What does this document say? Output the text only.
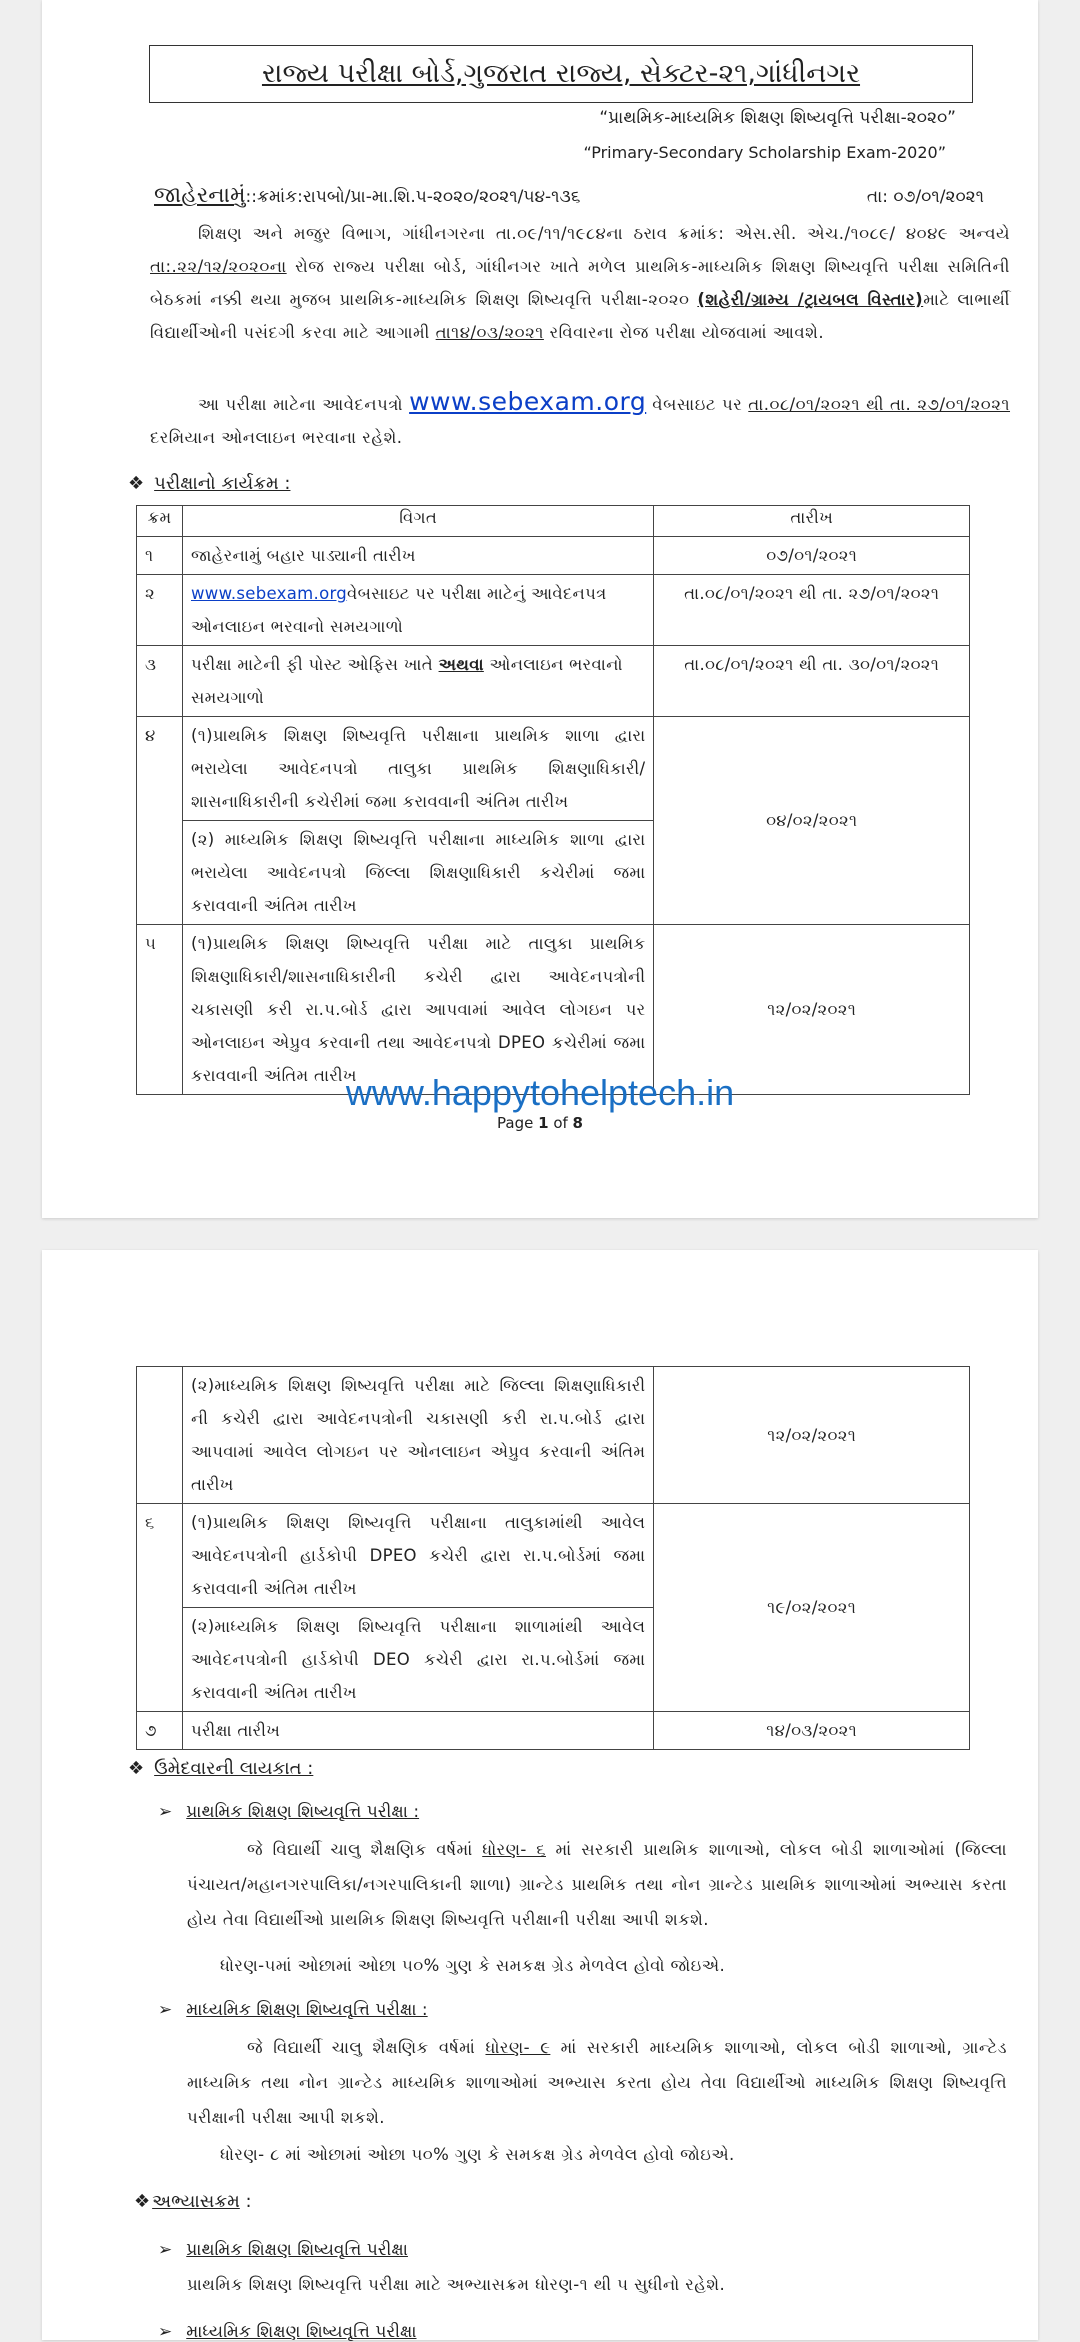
રાજ્ય પરીક્ષા બોર્ડ,ગુજરાત રાજ્ય, સેક્ટર-૨૧,ગાંધીનગર
“પ્રાથમિક-માધ્યમિક શિક્ષણ શિષ્યવૃત્તિ પરીક્ષા-૨૦૨૦”
“Primary-Secondary Scholarship Exam-2020”
જાહેરનામું::ક્રમાંક:રાપબો/પ્રા-મા.શિ.પ-૨૦૨૦/૨૦૨૧/૫૪-૧૩૬	તા: ૦૭/૦૧/૨૦૨૧
શિક્ષણ અને મજુર વિભાગ, ગાંધીનગરના તા.૦૯/૧૧/૧૯૮૪ના ઠરાવ ક્રમાંક: એસ.સી. એચ./૧૦૮૯/ ૪૦૪૯ અન્વયે તા:.૨૨/૧૨/૨૦૨૦ના રોજ રાજ્ય પરીક્ષા બોર્ડ, ગાંધીનગર ખાતે મળેલ પ્રાથમિક-માધ્યમિક શિક્ષણ શિષ્યવૃત્તિ પરીક્ષા સમિતિની બેઠકમાં નક્કી થયા મુજબ પ્રાથમિક-માધ્યમિક શિક્ષણ શિષ્યવૃત્તિ પરીક્ષા-૨૦૨૦ (શહેરી/ગ્રામ્ય /ટ્રાયબલ વિસ્તાર)માટે લાભાર્થી વિદ્યાર્થીઓની પસંદગી કરવા માટે આગામી તા૧૪/૦૩/૨૦૨૧ રવિવારના રોજ પરીક્ષા યોજવામાં આવશે.
આ પરીક્ષા માટેના આવેદનપત્રો www.sebexam.org વેબસાઇટ પર તા.૦૮/૦૧/૨૦૨૧ થી તા. ૨૭/૦૧/૨૦૨૧ દરમિયાન ઓનલાઇન ભરવાના રહેશે.
❖ પરીક્ષાનો કાર્યક્રમ :
ક્રમ	વિગત	તારીખ
૧	જાહેરનામું બહાર પાડ્યાની તારીખ	૦૭/૦૧/૨૦૨૧
૨	www.sebexam.orgવેબસાઇટ પર પરીક્ષા માટેનું આવેદનપત્ર ઓનલાઇન ભરવાનો સમયગાળો	તા.૦૮/૦૧/૨૦૨૧ થી તા. ૨૭/૦૧/૨૦૨૧
૩	પરીક્ષા માટેની ફી પોસ્ટ ઓફિસ ખાતે અથવા ઓનલાઇન ભરવાનો સમયગાળો	તા.૦૮/૦૧/૨૦૨૧ થી તા. ૩૦/૦૧/૨૦૨૧
૪	(૧)પ્રાથમિક શિક્ષણ શિષ્યવૃત્તિ પરીક્ષાના પ્રાથમિક શાળા દ્વારા ભરાયેલા આવેદનપત્રો તાલુકા પ્રાથમિક શિક્ષણાધિકારી/ શાસનાધિકારીની કચેરીમાં જમા કરાવવાની અંતિમ તારીખ	૦૪/૦૨/૨૦૨૧
	(૨) માધ્યમિક શિક્ષણ શિષ્યવૃત્તિ પરીક્ષાના માધ્યમિક શાળા દ્વારા ભરાયેલા આવેદનપત્રો જિલ્લા શિક્ષણાધિકારી કચેરીમાં જમા કરાવવાની અંતિમ તારીખ	
૫	(૧)પ્રાથમિક શિક્ષણ શિષ્યવૃત્તિ પરીક્ષા માટે તાલુકા પ્રાથમિક શિક્ષણાધિકારી/શાસનાધિકારીની કચેરી દ્વારા આવેદનપત્રોની ચકાસણી કરી રા.પ.બોર્ડ દ્વારા આપવામાં આવેલ લોગઇન પર ઓનલાઇન એપ્રુવ કરવાની તથા આવેદનપત્રો DPEO કચેરીમાં જમા કરાવવાની અંતિમ તારીખ	૧૨/૦૨/૨૦૨૧
www.happytohelptech.in
Page 1 of 8
	(૨)માધ્યમિક શિક્ષણ શિષ્યવૃત્તિ પરીક્ષા માટે જિલ્લા શિક્ષણાધિકારી ની કચેરી દ્વારા આવેદનપત્રોની ચકાસણી કરી રા.પ.બોર્ડ દ્વારા આપવામાં આવેલ લોગઇન પર ઓનલાઇન એપ્રુવ કરવાની અંતિમ તારીખ	૧૨/૦૨/૨૦૨૧
૬	(૧)પ્રાથમિક શિક્ષણ શિષ્યવૃત્તિ પરીક્ષાના તાલુકામાંથી આવેલ આવેદનપત્રોની હાર્ડકોપી DPEO કચેરી દ્વારા રા.પ.બોર્ડમાં જમા કરાવવાની અંતિમ તારીખ	૧૯/૦૨/૨૦૨૧
	(૨)માધ્યમિક શિક્ષણ શિષ્યવૃત્તિ પરીક્ષાના શાળામાંથી આવેલ આવેદનપત્રોની હાર્ડકોપી DEO કચેરી દ્વારા રા.પ.બોર્ડમાં જમા કરાવવાની અંતિમ તારીખ	
૭	પરીક્ષા તારીખ	૧૪/૦૩/૨૦૨૧
❖ ઉમેદવારની લાયકાત :
➢ પ્રાથમિક શિક્ષણ શિષ્યવૃત્તિ પરીક્ષા :
જે વિદ્યાર્થી ચાલુ શૈક્ષણિક વર્ષમાં ધોરણ- ૬ માં સરકારી પ્રાથમિક શાળાઓ, લોકલ બોડી શાળાઓમાં (જિલ્લા પંચાયત/મહાનગરપાલિકા/નગરપાલિકાની શાળા) ગ્રાન્ટેડ પ્રાથમિક તથા નોન ગ્રાન્ટેડ પ્રાથમિક શાળાઓમાં અભ્યાસ કરતા હોય તેવા વિદ્યાર્થીઓ પ્રાથમિક શિક્ષણ શિષ્યવૃત્તિ પરીક્ષાની પરીક્ષા આપી શકશે.
ધોરણ-૫માં ઓછામાં ઓછા ૫૦% ગુણ કે સમકક્ષ ગ્રેડ મેળવેલ હોવો જોઇએ.
➢ માધ્યમિક શિક્ષણ શિષ્યવૃત્તિ પરીક્ષા :
જે વિદ્યાર્થી ચાલુ શૈક્ષણિક વર્ષમાં ધોરણ- ૯ માં સરકારી માધ્યમિક શાળાઓ, લોકલ બોડી શાળાઓ, ગ્રાન્ટેડ માધ્યમિક તથા નોન ગ્રાન્ટેડ માધ્યમિક શાળાઓમાં અભ્યાસ કરતા હોય તેવા વિદ્યાર્થીઓ માધ્યમિક શિક્ષણ શિષ્યવૃત્તિ પરીક્ષાની પરીક્ષા આપી શકશે.
ધોરણ- ૮ માં ઓછામાં ઓછા ૫૦% ગુણ કે સમકક્ષ ગ્રેડ મેળવેલ હોવો જોઇએ.
❖ અભ્યાસક્રમ :
➢ પ્રાથમિક શિક્ષણ શિષ્યવૃત્તિ પરીક્ષા
પ્રાથમિક શિક્ષણ શિષ્યવૃત્તિ પરીક્ષા માટે અભ્યાસક્રમ ધોરણ-૧ થી ૫ સુધીનો રહેશે.
➢ માધ્યમિક શિક્ષણ શિષ્યવૃત્તિ પરીક્ષા
